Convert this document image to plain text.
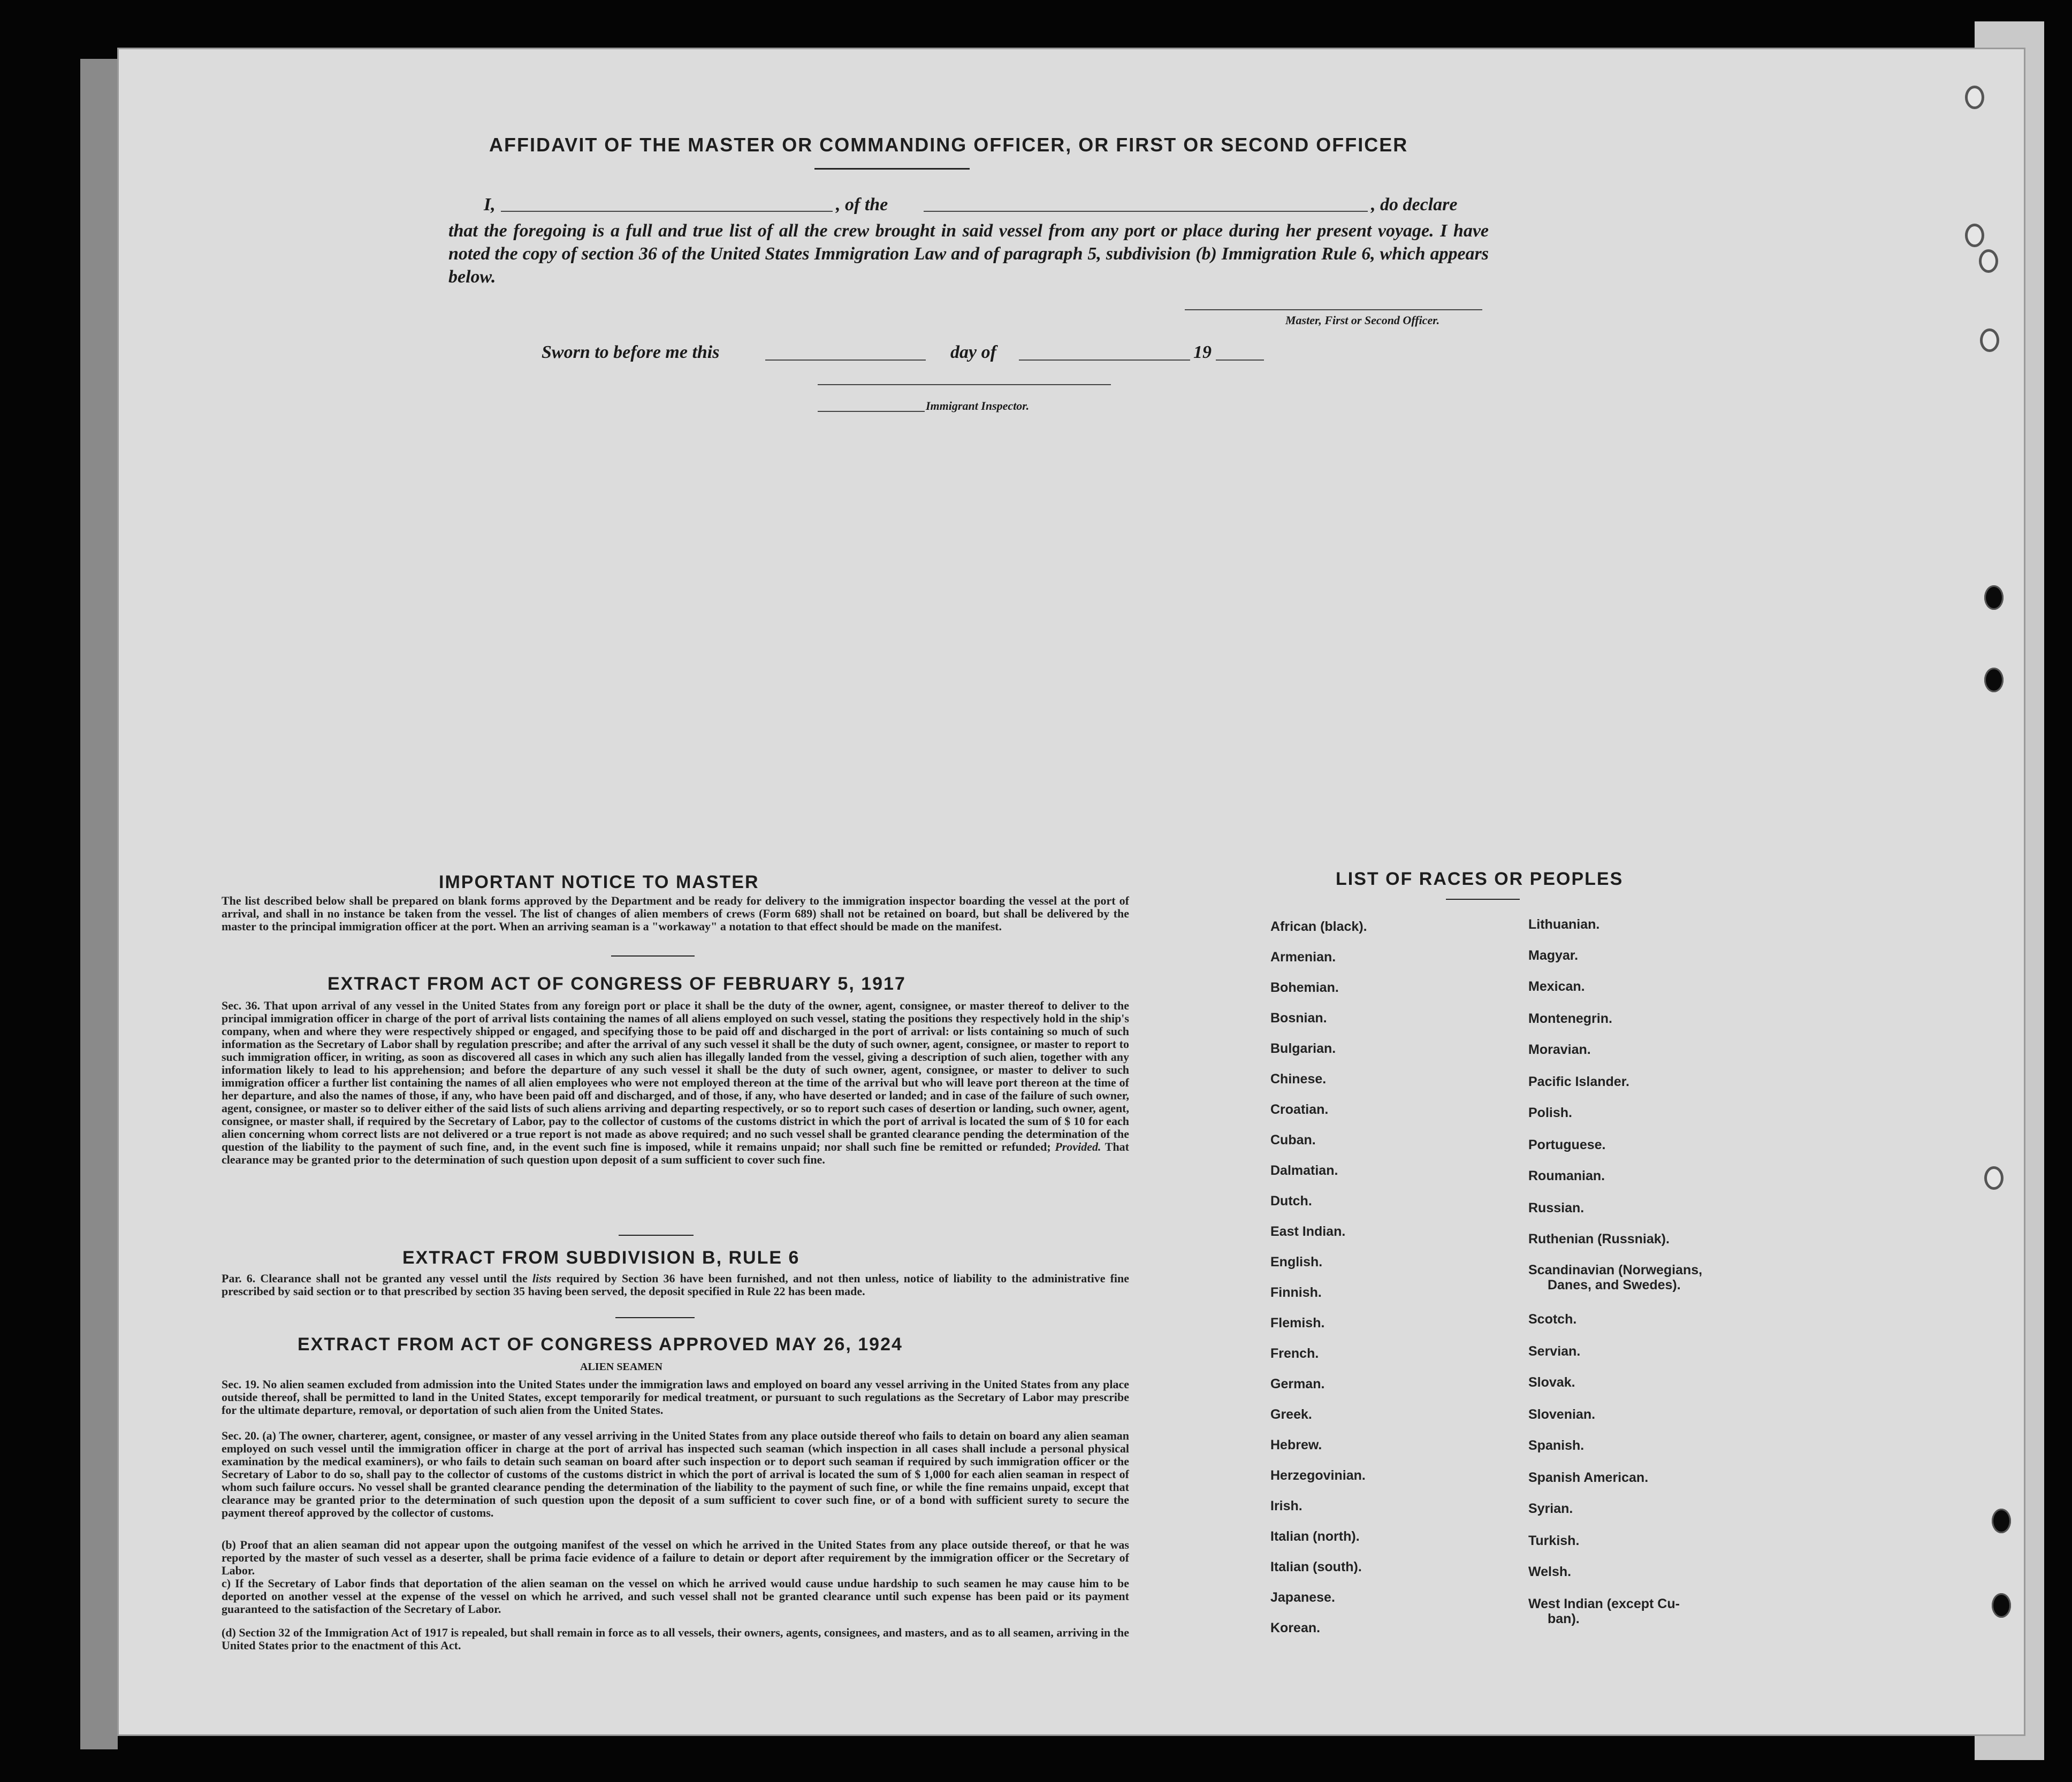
AFFIDAVIT OF THE MASTER OR COMMANDING OFFICER, OR FIRST OR SECOND OFFICER
I,	, of the	, do declare
that the foregoing is a full and true list of all the crew brought in said vessel from any port or place during her present voyage. I have noted the copy of section 36 of the United States Immigration Law and of paragraph 5, subdivision (b) Immigration Rule 6, which appears below.
Master, First or Second Officer.
Sworn to before me this	day of	19
Immigrant Inspector.
IMPORTANT NOTICE TO MASTER
The list described below shall be prepared on blank forms approved by the Department and be ready for delivery to the immigration inspector boarding the vessel at the port of arrival, and shall in no instance be taken from the vessel. The list of changes of alien members of crews (Form 689) shall not be retained on board, but shall be delivered by the master to the principal immigration officer at the port. When an arriving seaman is a "workaway" a notation to that effect should be made on the manifest.
EXTRACT FROM ACT OF CONGRESS OF FEBRUARY 5, 1917
Sec. 36. That upon arrival of any vessel in the United States from any foreign port or place it shall be the duty of the owner, agent, consignee, or master thereof to deliver to the principal immigration officer in charge of the port of arrival lists containing the names of all aliens employed on such vessel, stating the positions they respectively hold in the ship's company, when and where they were respectively shipped or engaged, and specifying those to be paid off and discharged in the port of arrival: or lists containing so much of such information as the Secretary of Labor shall by regulation prescribe; and after the arrival of any such vessel it shall be the duty of such owner, agent, consignee, or master to report to such immigration officer, in writing, as soon as discovered all cases in which any such alien has illegally landed from the vessel, giving a description of such alien, together with any information likely to lead to his apprehension; and before the departure of any such vessel it shall be the duty of such owner, agent, consignee, or master to deliver to such immigration officer a further list containing the names of all alien employees who were not employed thereon at the time of the arrival but who will leave port thereon at the time of her departure, and also the names of those, if any, who have been paid off and discharged, and of those, if any, who have deserted or landed; and in case of the failure of such owner, agent, consignee, or master so to deliver either of the said lists of such aliens arriving and departing respectively, or so to report such cases of desertion or landing, such owner, agent, consignee, or master shall, if required by the Secretary of Labor, pay to the collector of customs of the customs district in which the port of arrival is located the sum of $ 10 for each alien concerning whom correct lists are not delivered or a true report is not made as above required; and no such vessel shall be granted clearance pending the determination of the question of the liability to the payment of such fine, and, in the event such fine is imposed, while it remains unpaid; nor shall such fine be remitted or refunded; Provided. That clearance may be granted prior to the determination of such question upon deposit of a sum sufficient to cover such fine.
EXTRACT FROM SUBDIVISION B, RULE 6
Par. 6. Clearance shall not be granted any vessel until the lists required by Section 36 have been furnished, and not then unless, notice of liability to the administrative fine prescribed by said section or to that prescribed by section 35 having been served, the deposit specified in Rule 22 has been made.
EXTRACT FROM ACT OF CONGRESS APPROVED MAY 26, 1924
ALIEN SEAMEN
Sec. 19. No alien seamen excluded from admission into the United States under the immigration laws and employed on board any vessel arriving in the United States from any place outside thereof, shall be permitted to land in the United States, except temporarily for medical treatment, or pursuant to such regulations as the Secretary of Labor may prescribe for the ultimate departure, removal, or deportation of such alien from the United States.
Sec. 20. (a) The owner, charterer, agent, consignee, or master of any vessel arriving in the United States from any place outside thereof who fails to detain on board any alien seaman employed on such vessel until the immigration officer in charge at the port of arrival has inspected such seaman (which inspection in all cases shall include a personal physical examination by the medical examiners), or who fails to detain such seaman on board after such inspection or to deport such seaman if required by such immigration officer or the Secretary of Labor to do so, shall pay to the collector of customs of the customs district in which the port of arrival is located the sum of $ 1,000 for each alien seaman in respect of whom such failure occurs. No vessel shall be granted clearance pending the determination of the liability to the payment of such fine, or while the fine remains unpaid, except that clearance may be granted prior to the determination of such question upon the deposit of a sum sufficient to cover such fine, or of a bond with sufficient surety to secure the payment thereof approved by the collector of customs.
(b) Proof that an alien seaman did not appear upon the outgoing manifest of the vessel on which he arrived in the United States from any place outside thereof, or that he was reported by the master of such vessel as a deserter, shall be prima facie evidence of a failure to detain or deport after requirement by the immigration officer or the Secretary of Labor.
c) If the Secretary of Labor finds that deportation of the alien seaman on the vessel on which he arrived would cause undue hardship to such seamen he may cause him to be deported on another vessel at the expense of the vessel on which he arrived, and such vessel shall not be granted clearance until such expense has been paid or its payment guaranteed to the satisfaction of the Secretary of Labor.
(d) Section 32 of the Immigration Act of 1917 is repealed, but shall remain in force as to all vessels, their owners, agents, consignees, and masters, and as to all seamen, arriving in the United States prior to the enactment of this Act.
LIST OF RACES OR PEOPLES
African (black).
Armenian.
Bohemian.
Bosnian.
Bulgarian.
Chinese.
Croatian.
Cuban.
Dalmatian.
Dutch.
East Indian.
English.
Finnish.
Flemish.
French.
German.
Greek.
Hebrew.
Herzegovinian.
Irish.
Italian (north).
Italian (south).
Japanese.
Korean.
Lithuanian.
Magyar.
Mexican.
Montenegrin.
Moravian.
Pacific Islander.
Polish.
Portuguese.
Roumanian.
Russian.
Ruthenian (Russniak).
Scandinavian (Norwegians,
Danes, and Swedes).
Scotch.
Servian.
Slovak.
Slovenian.
Spanish.
Spanish American.
Syrian.
Turkish.
Welsh.
West Indian (except Cu-
ban).
